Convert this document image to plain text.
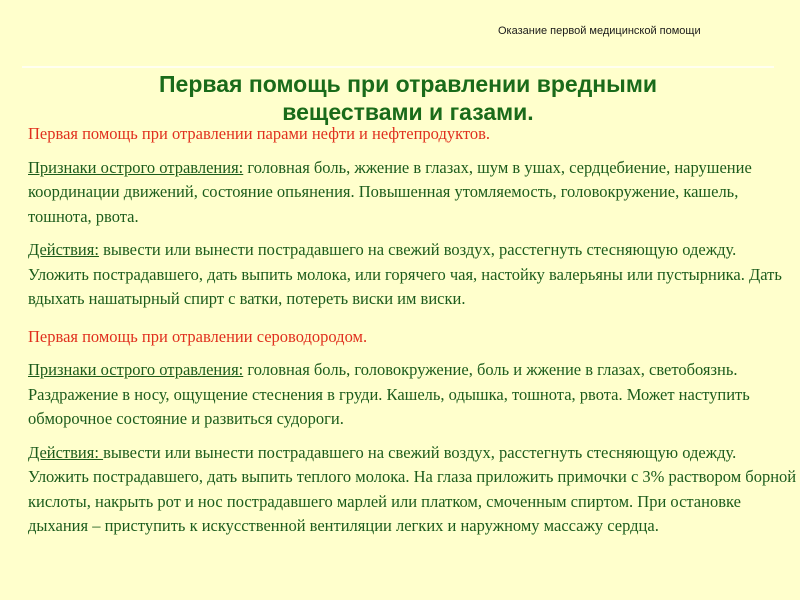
Оказание первой медицинской помощи
Первая помощь при отравлении вредными
веществами и газами.

Первая помощь при отравлении парами нефти и нефтепродуктов.

Признаки острого отравления: головная боль, жжение в глазах, шум в ушах, сердцебиение, нарушение координации движений, состояние опьянения. Повышенная утомляемость, головокружение, кашель, тошнота, рвота.

Действия: вывести или вынести пострадавшего на свежий воздух, расстегнуть стесняющую одежду. Уложить пострадавшего, дать выпить молока, или горячего чая, настойку валерьяны или пустырника. Дать вдыхать нашатырный спирт с ватки, потереть виски им виски.

Первая помощь при отравлении сероводородом.

Признаки острого отравления: головная боль, головокружение, боль и жжение в глазах, светобоязнь. Раздражение в носу, ощущение стеснения в груди. Кашель, одышка, тошнота, рвота. Может наступить обморочное состояние и развиться судороги.

Действия: вывести или вынести пострадавшего на свежий воздух, расстегнуть стесняющую одежду. Уложить пострадавшего, дать выпить теплого молока. На глаза приложить примочки с 3% раствором борной кислоты, накрыть рот и нос пострадавшего марлей или платком, смоченным спиртом. При остановке дыхания – приступить к искусственной вентиляции легких и наружному массажу сердца.
